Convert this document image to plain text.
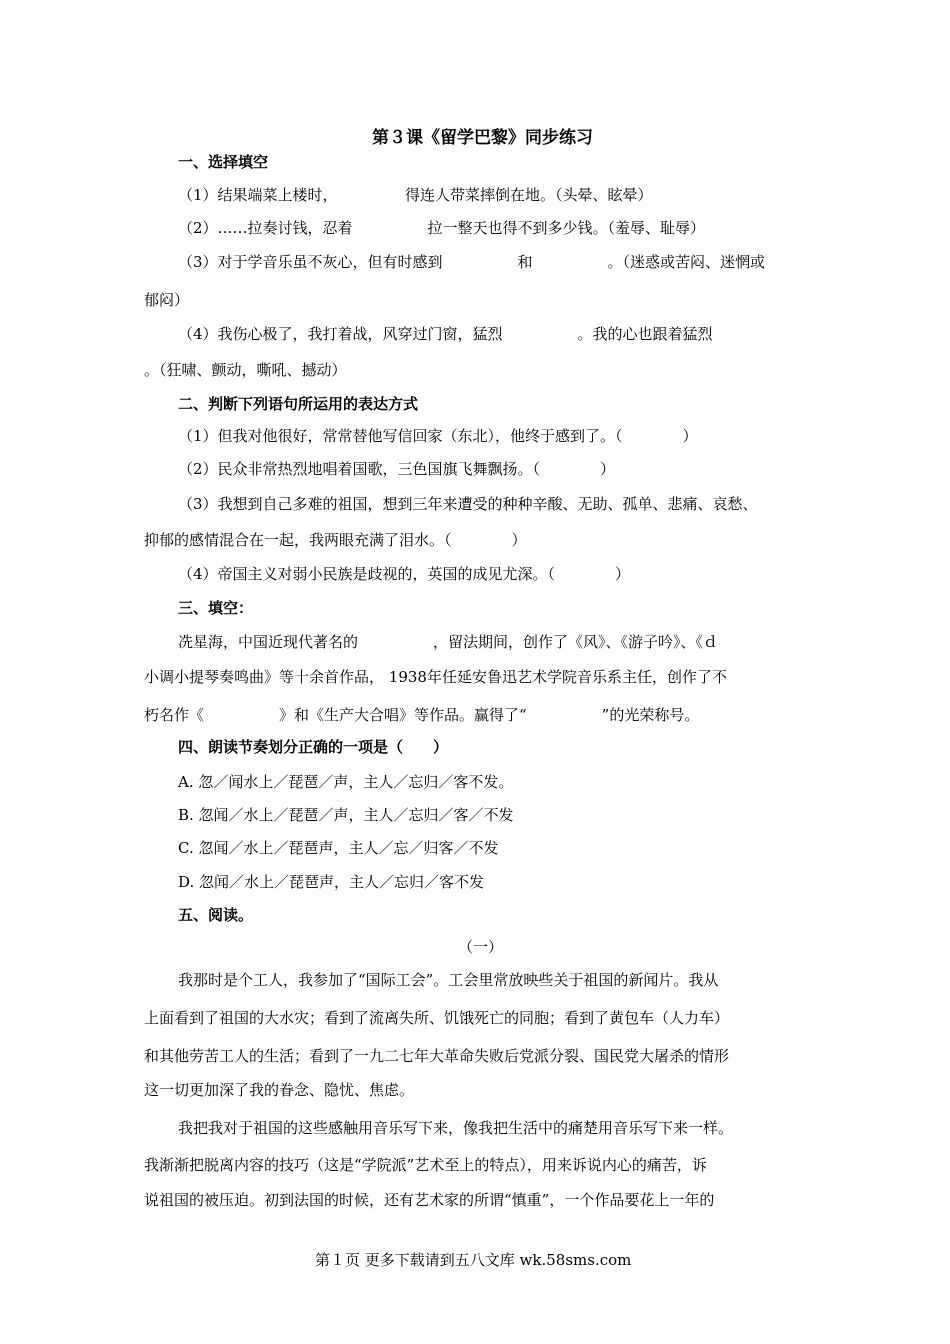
第３课《留学巴黎》同步练习
一、选择填空
（1）结果端菜上楼时，　　　　　得连人带菜摔倒在地。（头晕、眩晕）
（2）……拉奏讨钱，忍着　　　　　拉一整天也得不到多少钱。（羞辱、耻辱）
（3）对于学音乐虽不灰心，但有时感到　　　　　和　　　　　。（迷惑或苦闷、迷惘或
郁闷）
（4）我伤心极了，我打着战，风穿过门窗，猛烈　　　　　。我的心也跟着猛烈
。（狂啸、颤动，嘶吼、撼动）
二、判断下列语句所运用的表达方式
（1）但我对他很好，常常替他写信回家（东北），他终于感到了。（　　　　）
（2）民众非常热烈地唱着国歌，三色国旗飞舞飘扬。（　　　　）
（3）我想到自己多难的祖国，想到三年来遭受的种种辛酸、无助、孤单、悲痛、哀愁、
抑郁的感情混合在一起，我两眼充满了泪水。（　　　　）
（4）帝国主义对弱小民族是歧视的，英国的成见尤深。（　　　　）
三、填空：
冼星海，中国近现代著名的　　　　　，留法期间，创作了《风》、《游子吟》、《ｄ
小调小提琴奏鸣曲》等十余首作品， 1938年任延安鲁迅艺术学院音乐系主任，创作了不
朽名作《　　　　　》和《生产大合唱》等作品。赢得了“　　　　　”的光荣称号。
四、朗读节奏划分正确的一项是（　　）
A. 忽／闻水上／琵琶／声，主人／忘归／客不发。
B. 忽闻／水上／琵琶／声，主人／忘归／客／不发
C. 忽闻／水上／琵琶声，主人／忘／归客／不发
D. 忽闻／水上／琵琶声，主人／忘归／客不发
五、阅读。
（一）
我那时是个工人，我参加了“国际工会”。工会里常放映些关于祖国的新闻片。我从
上面看到了祖国的大水灾；看到了流离失所、饥饿死亡的同胞；看到了黄包车（人力车）
和其他劳苦工人的生活；看到了一九二七年大革命失败后党派分裂、国民党大屠杀的情形
这一切更加深了我的眷念、隐忧、焦虑。
我把我对于祖国的这些感触用音乐写下来，像我把生活中的痛楚用音乐写下来一样。
我渐渐把脱离内容的技巧（这是“学院派”艺术至上的特点），用来诉说内心的痛苦，诉
说祖国的被压迫。初到法国的时候，还有艺术家的所谓“慎重”，一个作品要花上一年的
第１页 更多下载请到五八文库 wk.58sms.com
